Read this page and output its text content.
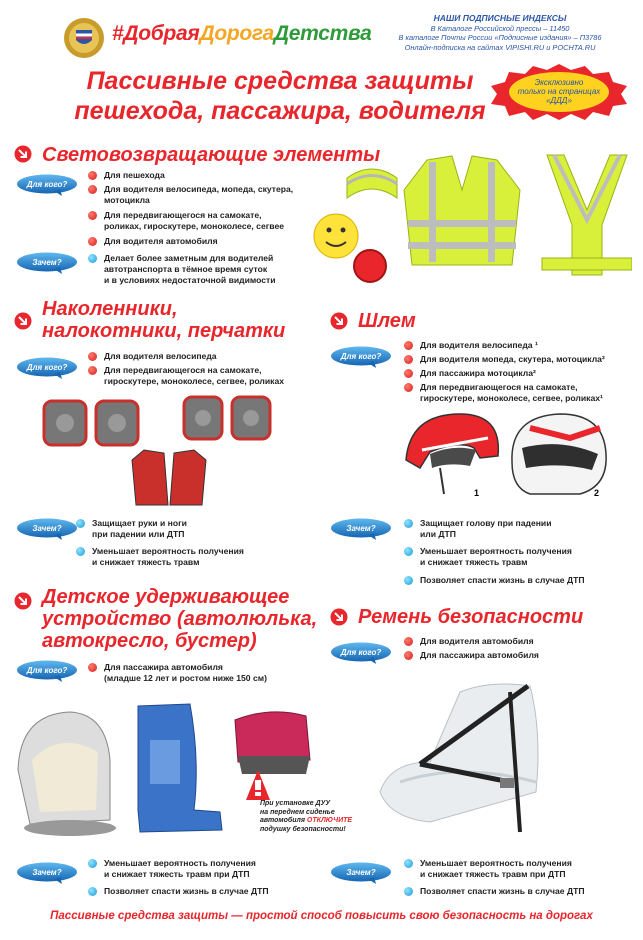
#ДобраяДорогаДетства
НАШИ ПОДПИСНЫЕ ИНДЕКСЫ
В Каталоге Российской прессы – 11450
В каталоге Почты России «Подписные издания» – П3786
Онлайн-подписка на сайтах VIPISHI.RU и POCHTA.RU
Пассивные средства защиты
пешехода, пассажира, водителя
Эксклюзивно
только на страницах
«ДДД»
Световозвращающие элементы
Для кого?
Для пешехода
Для водителя велосипеда, мопеда, скутера,
мотоцикла
Для передвигающегося на самокате,
роликах, гироскутере, моноколесе, сегвее
Для водителя автомобиля
Зачем?	Делает более заметным для водителей
автотранспорта в тёмное время суток
и в условиях недостаточной видимости
Наколенники,
налокотники, перчатки
Для кого?
Для водителя велосипеда
Для передвигающегося на самокате,
гироскутере, моноколесе, сегвее, роликах
Зачем?
Защищает руки и ноги
при падении или ДТП
Уменьшает вероятность получения
и снижает тяжесть травм
Шлем
Для кого?
Для водителя велосипеда ¹
Для водителя мопеда, скутера, мотоцикла²
Для пассажира мотоцикла²
Для передвигающегося на самокате,
гироскутере, моноколесе, сегвее, роликах¹
1	2
Зачем?
Защищает голову при падении
или ДТП
Уменьшает вероятность получения
и снижает тяжесть травм
Позволяет спасти жизнь в случае ДТП
Детское удерживающее
устройство (автолюлька,
автокресло, бустер)
Для кого?	Для пассажира автомобиля
(младше 12 лет и ростом ниже 150 см)
При установке ДУУ
на переднем сиденье
автомобиля ОТКЛЮЧИТЕ
подушку безопасности!
Зачем?
Уменьшает вероятность получения
и снижает тяжесть травм при ДТП
Позволяет спасти жизнь в случае ДТП
Ремень безопасности
Для кого?
Для водителя автомобиля
Для пассажира автомобиля
Зачем?
Уменьшает вероятность получения
и снижает тяжесть травм при ДТП
Позволяет спасти жизнь в случае ДТП
Пассивные средства защиты — простой способ повысить свою безопасность на дорогах
